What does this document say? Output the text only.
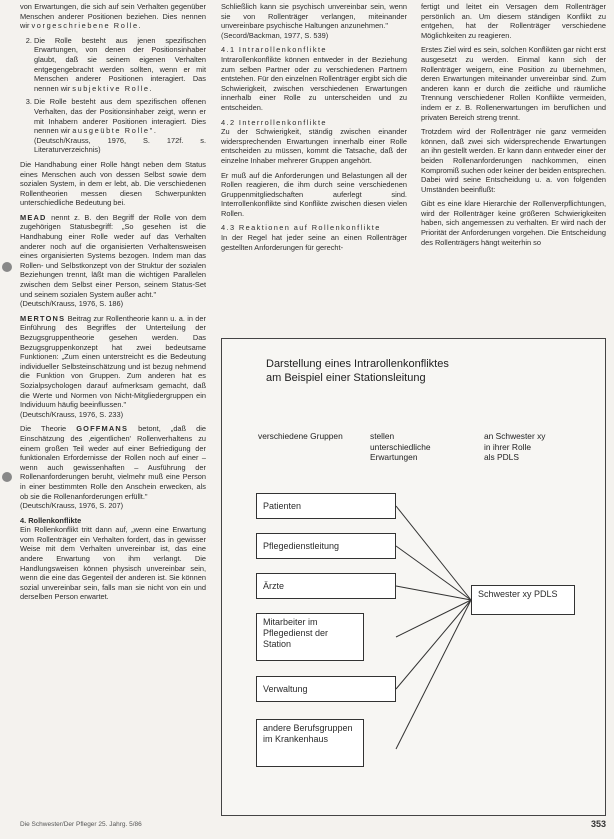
von Erwartungen, die sich auf sein Verhalten gegenüber Menschen anderer Positionen beziehen. Dies nennen wir vorgeschriebene Rolle.

2. Die Rolle besteht aus jenen spezifischen Erwartungen, von denen der Positionsinhaber glaubt, daß sie seinem eigenen Verhalten entgegengebracht werden sollten, wenn er mit Menschen anderer Positionen interagiert. Das nennen wir subjektive Rolle.
3. Die Rolle besteht aus dem spezifischen offenen Verhalten, das der Positionsinhaber zeigt, wenn er mit Inhabern anderer Positionen interagiert. Dies nennen wir ausgeübte Rolle".
(Deutsch/Krauss, 1976, S. 172f. s. Literaturverzeichnis)

Die Handhabung einer Rolle hängt neben dem Status eines Menschen auch von dessen Selbst sowie dem sozialen System, in dem er lebt, ab. Die verschiedenen Rollentheorien messen diesen Schwerpunkten unterschiedliche Bedeutung bei.

MEAD nennt z. B. den Begriff der Rolle von dem zugehörigen Statusbegriff: „So gesehen ist die Handhabung einer Rolle weder auf das Verhalten anderer noch auf die organisierten Verhaltensweisen eines organisierten Systems bezogen. Indem man das Rollen- und Selbstkonzept von der Struktur der sozialen Beziehungen trennt, läßt man die wichtigen Parallelen zwischen dem Selbst einer Person, seinem Status-Set und seinem sozialen System außer acht."
(Deutsch/Krauss, 1976, S. 186)

MERTONS Beitrag zur Rollentheorie kann u. a. in der Einführung des Begriffes der Unterteilung der Bezugsgruppentheorie gesehen werden. Das Bezugsgruppenkonzept hat zwei bedeutsame Funktionen: „Zum einen unterstreicht es die Bedeutung individueller Selbsteinschätzung und ist bezug nehmend die Funktion von Gruppen. Zum anderen hat es Sozialpsychologen darauf aufmerksam gemacht, daß die Werte und Normen von Nicht-Mitgliedergruppen ein Individuum häufig beeinflussen."
(Deutsch/Krauss, 1976, S. 233)

Die Theorie GOFFMANS betont, „daß die Einschätzung des ‚eigentlichen' Rollenverhaltens zu einem großen Teil weder auf einer Befriedigung der funktionalen Erfordernisse der Rollen noch auf einer – wenn auch gewissenhaften – Ausführung der Rollenanforderungen beruht, vielmehr muß eine Person in einer bestimmten Rolle den Anschein erwecken, als ob sie die Rollenanforderungen erfüllt."
(Deutsch/Krauss, 1976, S. 207)

4. Rollenkonflikte
Ein Rollenkonflikt tritt dann auf, „wenn eine Erwartung vom Rollenträger ein Verhalten fordert, das in gewisser Weise mit dem Verhalten unvereinbar ist, das eine andere Erwartung von ihm verlangt. Die Handlungsweisen können physisch unvereinbar sein, wenn die eine das Gegenteil der anderen ist. Sie können sozial unvereinbar sein, falls man sie nicht von ein und derselben Person erwartet.

Schließlich kann sie psychisch unvereinbar sein, wenn sie von Rollenträger verlangen, miteinander unvereinbare psychische Haltungen anzunehmen."
(Secord/Backman, 1977, S. 539)

4.1 Intrarollenkonflikte
Intrarollenkonflikte können entweder in der Beziehung zum selben Partner oder zu verschiedenen Partnern entstehen. Für den einzelnen Rollenträger ergibt sich die Schwierigkeit, zwischen verschiedenen Erwartungen innerhalb einer Rolle zu unterscheiden und zu entscheiden.

4.2 Interrollenkonflikte
Zu der Schwierigkeit, ständig zwischen einander widersprechenden Erwartungen innerhalb einer Rolle entscheiden zu müssen, kommt die Tatsache, daß der einzelne Inhaber mehrerer Gruppen angehört.

Er muß auf die Anforderungen und Belastungen all der Rollen reagieren, die ihm durch seine verschiedenen Gruppenmitgliedschaften auferlegt sind. Interrollenkonflikte sind Konflikte zwischen diesen vielen Rollen.

4.3 Reaktionen auf Rollenkonflikte
In der Regel hat jeder seine an einen Rollenträger gestellten Anforderungen für gerecht-

fertigt und leitet ein Versagen dem Rollenträger persönlich an. Um diesem ständigen Konflikt zu entgehen, hat der Rollenträger verschiedene Möglichkeiten zu reagieren.

Erstes Ziel wird es sein, solchen Konflikten gar nicht erst ausgesetzt zu werden. Einmal kann sich der Rollenträger weigern, eine Position zu übernehmen, deren Erwartungen miteinander unvereinbar sind. Zum anderen kann er durch die zeitliche und räumliche Trennung verschiedener Rollen Konflikte vermeiden, indem er z. B. Rollenerwartungen im beruflichen und privaten Bereich streng trennt.

Trotzdem wird der Rollenträger nie ganz vermeiden können, daß zwei sich widersprechende Erwartungen an ihn gestellt werden. Er kann dann entweder einer der beiden Rollenanforderungen nachkommen, einen Kompromiß suchen oder keiner der beiden entsprechen. Dabei wird seine Entscheidung u. a. von folgenden Umständen beeinflußt:

Gibt es eine klare Hierarchie der Rollenverpflichtungen, wird der Rollenträger keine größeren Schwierigkeiten haben, sich angemessen zu verhalten. Er wird nach der Priorität der Anforderungen vorgehen. Die Entscheidung des Rollenträgers hängt weiterhin so

Darstellung eines Intrarollenkonfliktes
am Beispiel einer Stationsleitung
verschiedene Gruppen	stellen
unterschiedliche
Erwartungen
an Schwester xy
in ihrer Rolle
als PDLS
Patienten
Pflegedienstleitung
Ärzte
Mitarbeiter im Pflegedienst der Station
Verwaltung
andere Berufsgruppen im Krankenhaus
Schwester xy PDLS
Die Schwester/Der Pfleger 25. Jahrg. 5/86	353
